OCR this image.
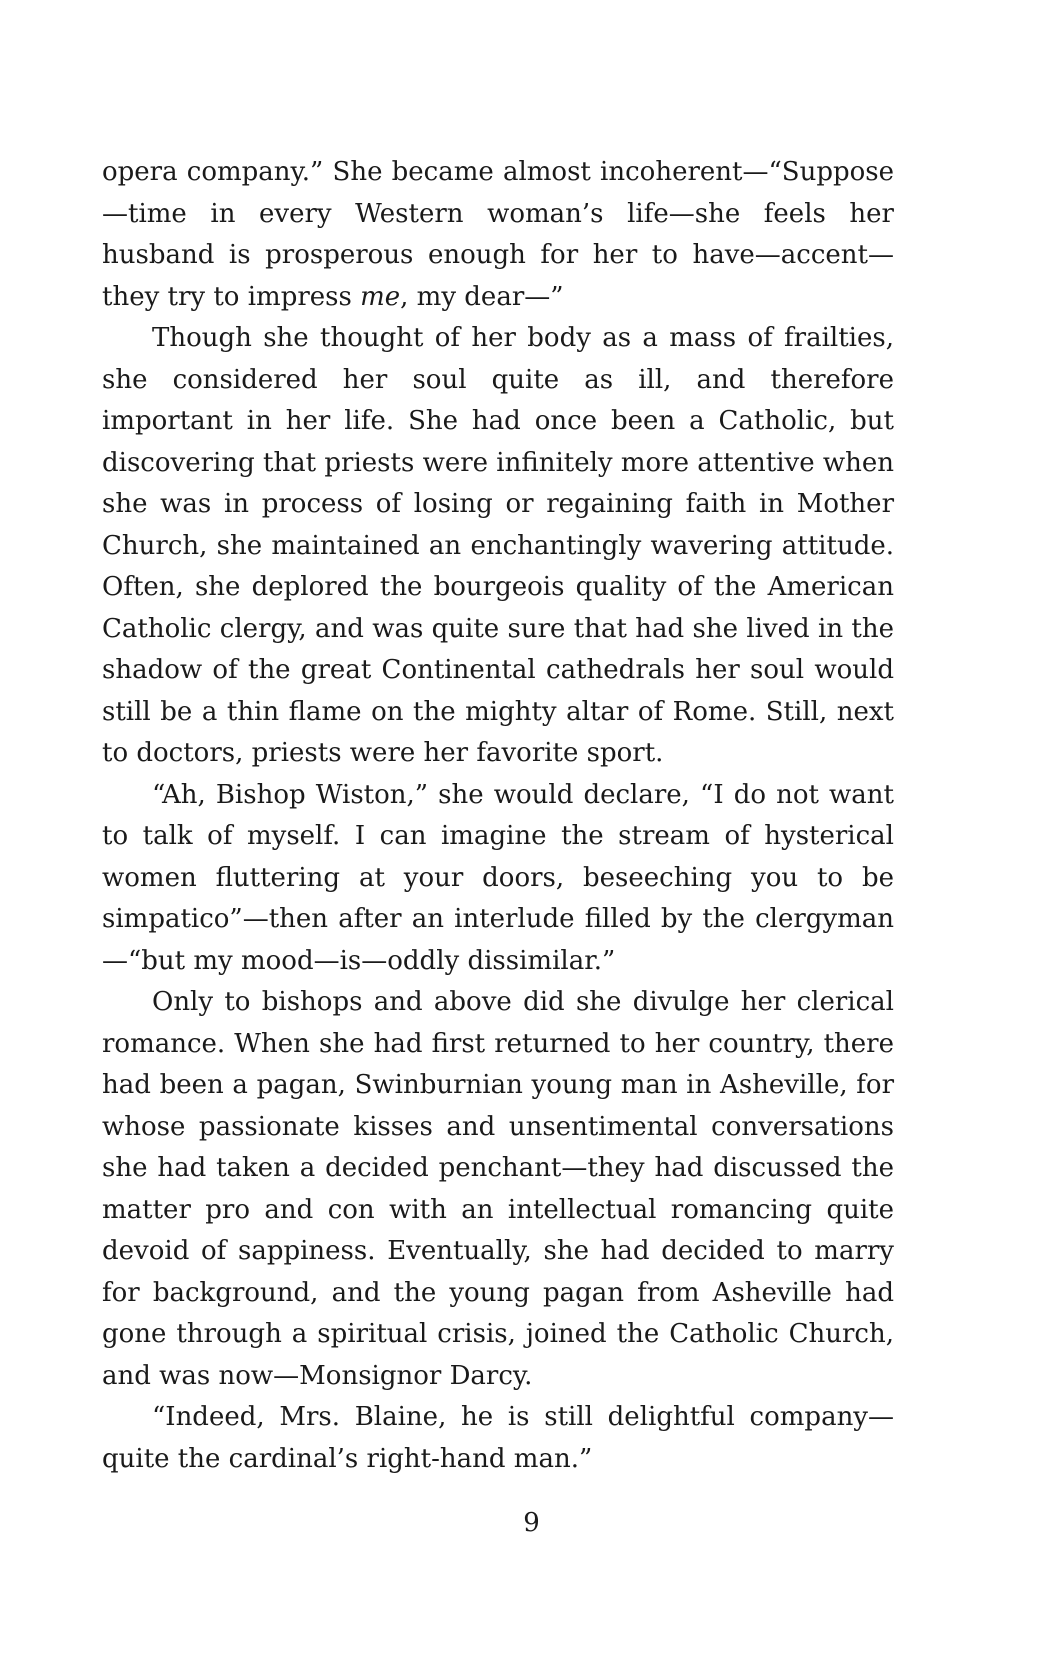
opera company.” She became almost incoherent—“Suppose—time in every Western woman’s life—she feels her husband is prosperous enough for her to have—accent—they try to impress me, my dear—”

Though she thought of her body as a mass of frailties, she considered her soul quite as ill, and therefore important in her life. She had once been a Catholic, but discovering that priests were infinitely more attentive when she was in process of losing or regaining faith in Mother Church, she maintained an enchantingly wavering attitude. Often, she deplored the bourgeois quality of the American Catholic clergy, and was quite sure that had she lived in the shadow of the great Continental cathedrals her soul would still be a thin flame on the mighty altar of Rome. Still, next to doctors, priests were her favorite sport.

“Ah, Bishop Wiston,” she would declare, “I do not want to talk of myself. I can imagine the stream of hysterical women fluttering at your doors, beseeching you to be simpatico”—then after an interlude filled by the clergyman—“but my mood—is—oddly dissimilar.”

Only to bishops and above did she divulge her clerical romance. When she had first returned to her country, there had been a pagan, Swinburnian young man in Asheville, for whose passionate kisses and unsentimental conversations she had taken a decided penchant—they had discussed the matter pro and con with an intellectual romancing quite devoid of sappiness. Eventually, she had decided to marry for background, and the young pagan from Asheville had gone through a spiritual crisis, joined the Catholic Church, and was now—Monsignor Darcy.

“Indeed, Mrs. Blaine, he is still delightful company—quite the cardinal’s right-hand man.”

9
